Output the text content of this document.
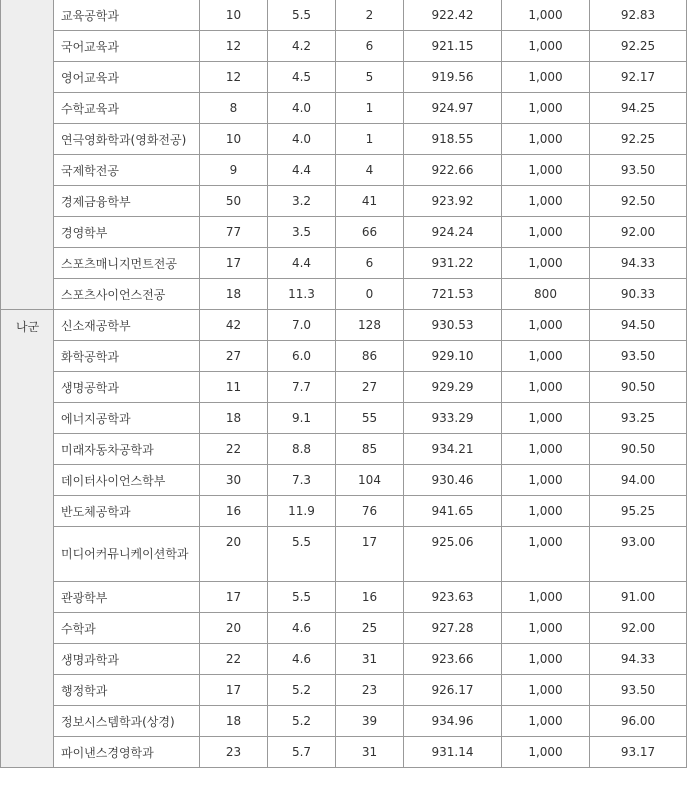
	교육공학과	10	5.5	2	922.42	1,000	92.83
	국어교육과	12	4.2	6	921.15	1,000	92.25
	영어교육과	12	4.5	5	919.56	1,000	92.17
	수학교육과	8	4.0	1	924.97	1,000	94.25
	연극영화학과(영화전공)	10	4.0	1	918.55	1,000	92.25
	국제학전공	9	4.4	4	922.66	1,000	93.50
	경제금융학부	50	3.2	41	923.92	1,000	92.50
	경영학부	77	3.5	66	924.24	1,000	92.00
	스포츠매니지먼트전공	17	4.4	6	931.22	1,000	94.33
	스포츠사이언스전공	18	11.3	0	721.53	800	90.33
나군	신소재공학부	42	7.0	128	930.53	1,000	94.50
	화학공학과	27	6.0	86	929.10	1,000	93.50
	생명공학과	11	7.7	27	929.29	1,000	90.50
	에너지공학과	18	9.1	55	933.29	1,000	93.25
	미래자동차공학과	22	8.8	85	934.21	1,000	90.50
	데이터사이언스학부	30	7.3	104	930.46	1,000	94.00
	반도체공학과	16	11.9	76	941.65	1,000	95.25
	미디어커뮤니케이션학과	20	5.5	17	925.06	1,000	93.00
	관광학부	17	5.5	16	923.63	1,000	91.00
	수학과	20	4.6	25	927.28	1,000	92.00
	생명과학과	22	4.6	31	923.66	1,000	94.33
	행정학과	17	5.2	23	926.17	1,000	93.50
	정보시스템학과(상경)	18	5.2	39	934.96	1,000	96.00
	파이낸스경영학과	23	5.7	31	931.14	1,000	93.17
